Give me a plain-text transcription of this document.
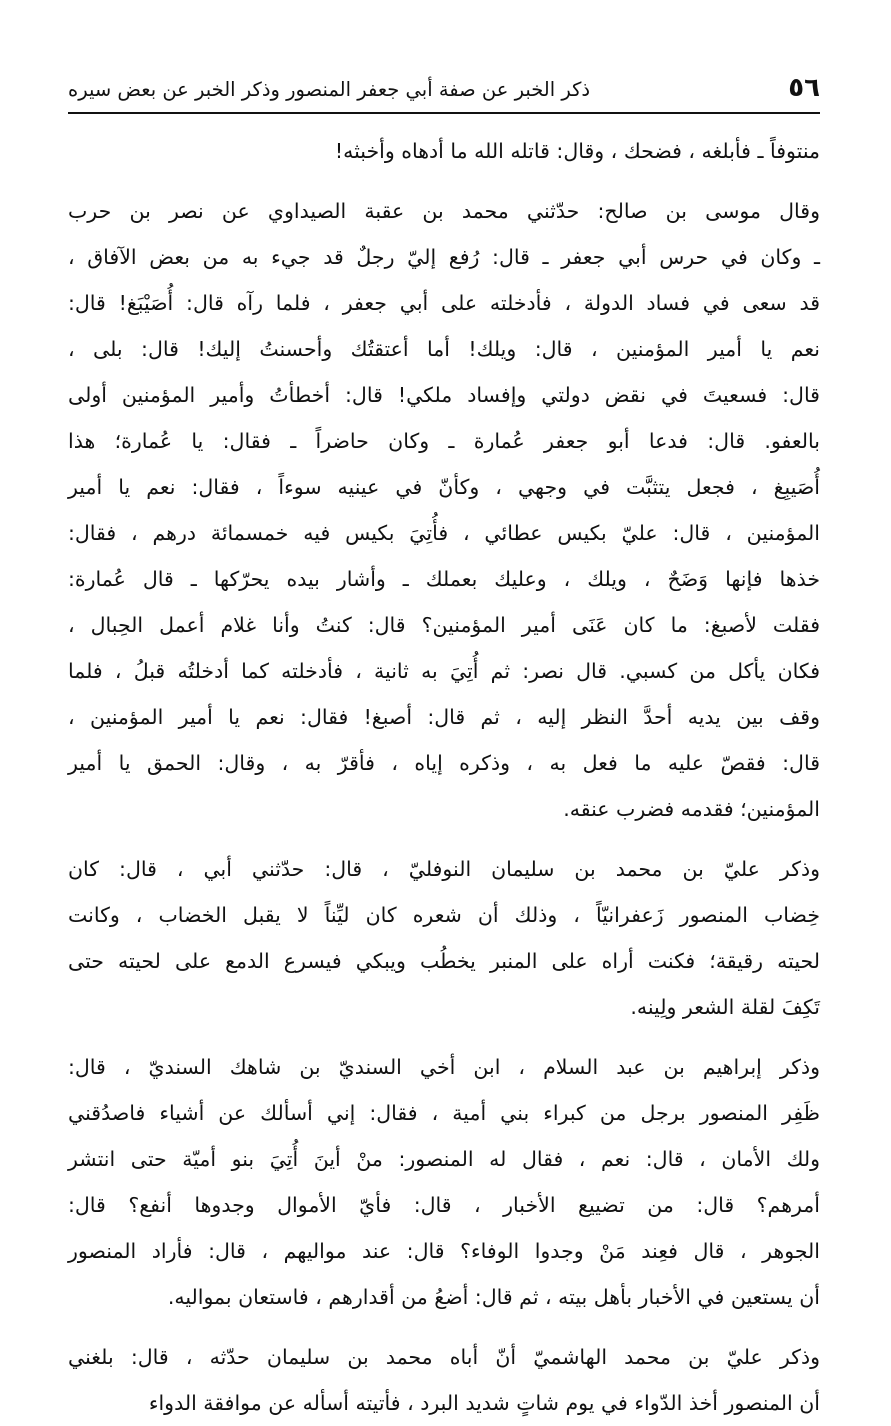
٥٦
ذكر الخبر عن صفة أبي جعفر المنصور وذكر الخبر عن بعض سيره
منتوفاً ـ فأبلغه ، فضحك ، وقال: قاتله الله ما أدهاه وأخبثه!
وقال موسى بن صالح: حدّثني محمد بن عقبة الصيداوي عن نصر بن حرب
ـ وكان في حرس أبي جعفر ـ قال: رُفع إليّ رجلٌ قد جيء به من بعض الآفاق ،
قد سعى في فساد الدولة ، فأدخلته على أبي جعفر ، فلما رآه قال: أُصَيْبَغ! قال:
نعم يا أمير المؤمنين ، قال: ويلك! أما أعتقتُك وأحسنتُ إليك! قال: بلى ،
قال: فسعيتَ في نقض دولتي وإفساد ملكي! قال: أخطأتُ وأمير المؤمنين أولى
بالعفو. قال: فدعا أبو جعفر عُمارة ـ وكان حاضراً ـ فقال: يا عُمارة؛ هذا
أُصَيبِغ ، فجعل يتثبَّت في وجهي ، وكأنّ في عينيه سوءاً ، فقال: نعم يا أمير
المؤمنين ، قال: عليّ بكيس عطائي ، فأُتِيَ بكيس فيه خمسمائة درهم ، فقال:
خذها فإنها وَضَحٌ ، ويلك ، وعليك بعملك ـ وأشار بيده يحرّكها ـ قال عُمارة:
فقلت لأصبغ: ما كان عَنَى أمير المؤمنين؟ قال: كنتُ وأنا غلام أعمل الحِبال ،
فكان يأكل من كسبي. قال نصر: ثم أُتِيَ به ثانية ، فأدخلته كما أدخلتُه قبلُ ، فلما
وقف بين يديه أحدَّ النظر إليه ، ثم قال: أصبغ! فقال: نعم يا أمير المؤمنين ،
قال: فقصّ عليه ما فعل به ، وذكره إياه ، فأقرّ به ، وقال: الحمق يا أمير
المؤمنين؛ فقدمه فضرب عنقه.
وذكر عليّ بن محمد بن سليمان النوفليّ ، قال: حدّثني أبي ، قال: كان
خِضاب المنصور زَعفرانيّاً ، وذلك أن شعره كان ليِّناً لا يقبل الخضاب ، وكانت
لحيته رقيقة؛ فكنت أراه على المنبر يخطُب ويبكي فيسرع الدمع على لحيته حتى
تَكِفَ لقلة الشعر ولِينه.
وذكر إبراهيم بن عبد السلام ، ابن أخي السنديّ بن شاهك السنديّ ، قال:
ظَفِر المنصور برجل من كبراء بني أمية ، فقال: إني أسألك عن أشياء فاصدُقني
ولك الأمان ، قال: نعم ، فقال له المنصور: منْ أينَ أُتِيَ بنو أميّة حتى انتشر
أمرهم؟ قال: من تضييع الأخبار ، قال: فأيّ الأموال وجدوها أنفع؟ قال:
الجوهر ، قال فعِند مَنْ وجدوا الوفاء؟ قال: عند مواليهم ، قال: فأراد المنصور
أن يستعين في الأخبار بأهل بيته ، ثم قال: أضعُ من أقدارهم ، فاستعان بمواليه.
وذكر عليّ بن محمد الهاشميّ أنّ أباه محمد بن سليمان حدّثه ، قال: بلغني
أن المنصور أخذ الدّواء في يوم شاتٍ شديد البرد ، فأتيته أسأله عن موافقة الدواء
